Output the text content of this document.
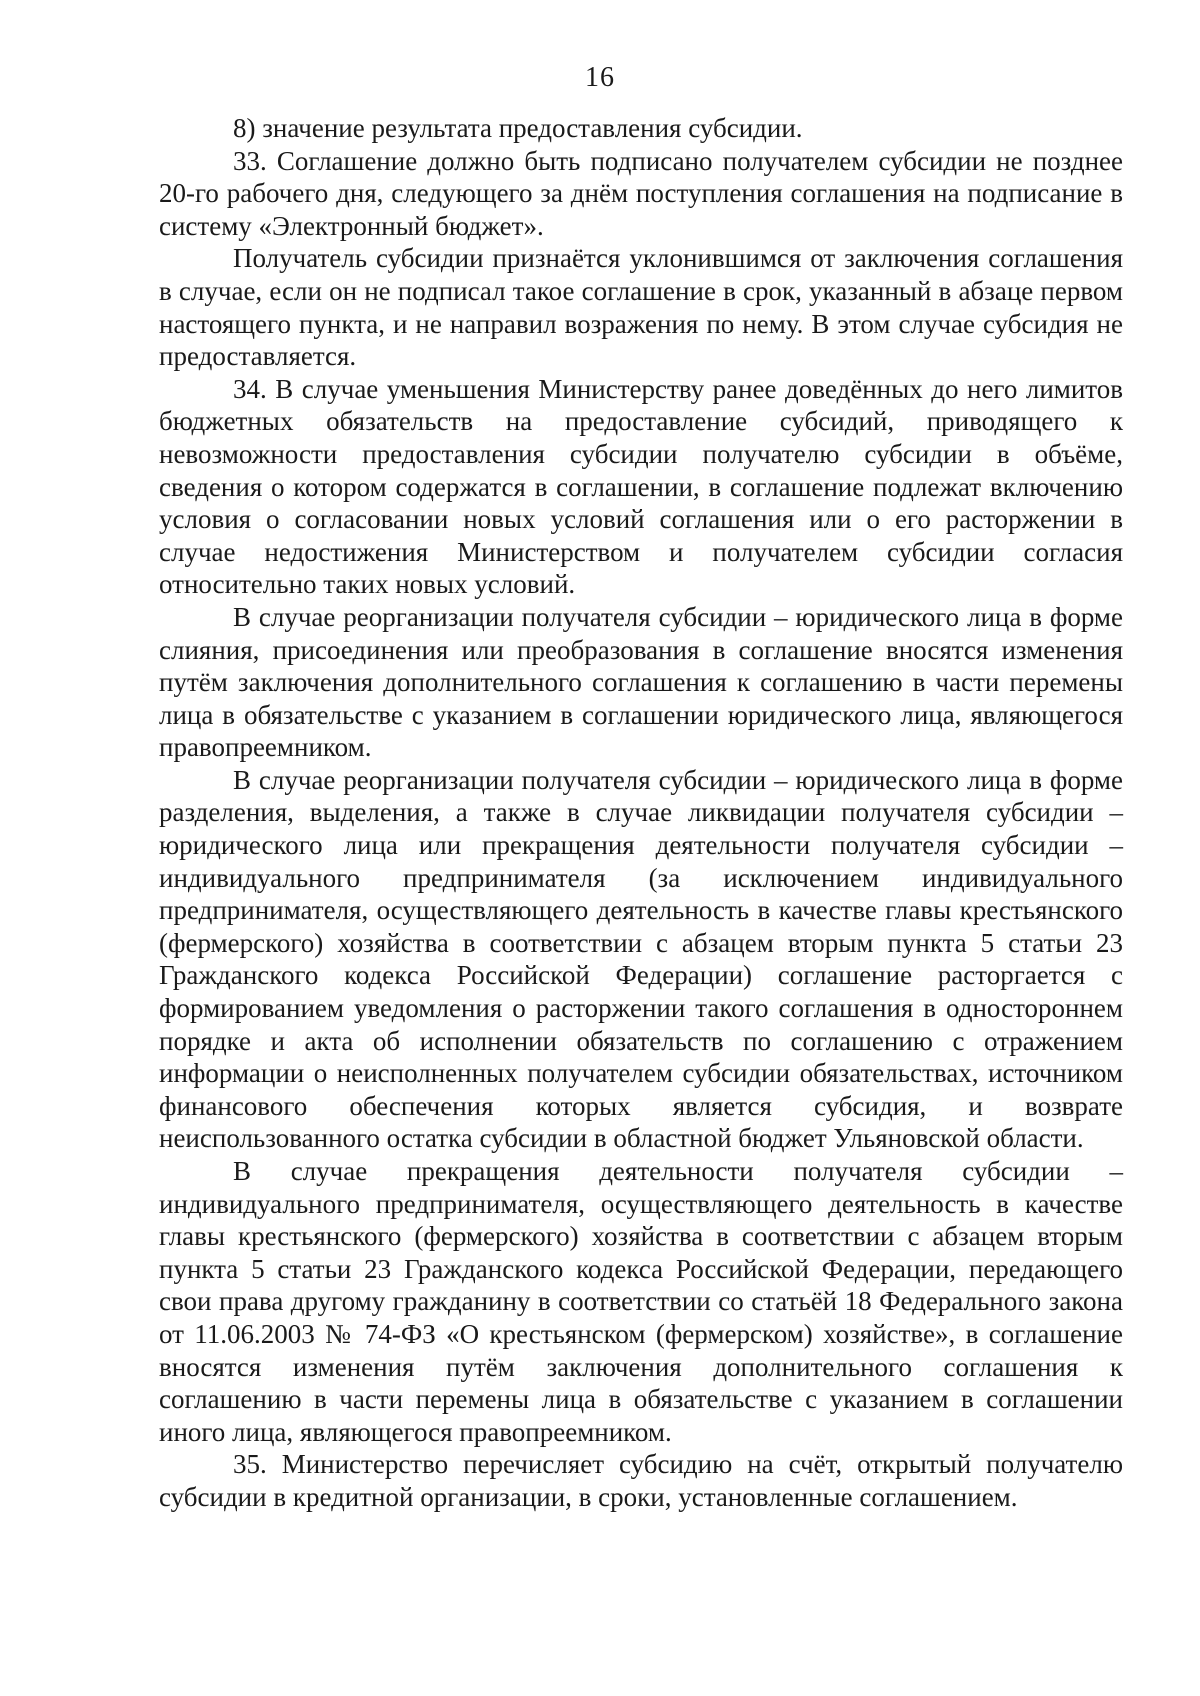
16

8) значение результата предоставления субсидии.

33. Соглашение должно быть подписано получателем субсидии не позднее 20-го рабочего дня, следующего за днём поступления соглашения на подписание в систему «Электронный бюджет».

Получатель субсидии признаётся уклонившимся от заключения соглашения в случае, если он не подписал такое соглашение в срок, указанный в абзаце первом настоящего пункта, и не направил возражения по нему. В этом случае субсидия не предоставляется.

34. В случае уменьшения Министерству ранее доведённых до него лимитов бюджетных обязательств на предоставление субсидий, приводящего к невозможности предоставления субсидии получателю субсидии в объёме, сведения о котором содержатся в соглашении, в соглашение подлежат включению условия о согласовании новых условий соглашения или о его расторжении в случае недостижения Министерством и получателем субсидии согласия относительно таких новых условий.

В случае реорганизации получателя субсидии – юридического лица в форме слияния, присоединения или преобразования в соглашение вносятся изменения путём заключения дополнительного соглашения к соглашению в части перемены лица в обязательстве с указанием в соглашении юридического лица, являющегося правопреемником.

В случае реорганизации получателя субсидии – юридического лица в форме разделения, выделения, а также в случае ликвидации получателя субсидии – юридического лица или прекращения деятельности получателя субсидии – индивидуального предпринимателя (за исключением индивидуального предпринимателя, осуществляющего деятельность в качестве главы крестьянского (фермерского) хозяйства в соответствии с абзацем вторым пункта 5 статьи 23 Гражданского кодекса Российской Федерации) соглашение расторгается с формированием уведомления о расторжении такого соглашения в одностороннем порядке и акта об исполнении обязательств по соглашению с отражением информации о неисполненных получателем субсидии обязательствах, источником финансового обеспечения которых является субсидия, и возврате неиспользованного остатка субсидии в областной бюджет Ульяновской области.

В случае прекращения деятельности получателя субсидии – индивидуального предпринимателя, осуществляющего деятельность в качестве главы крестьянского (фермерского) хозяйства в соответствии с абзацем вторым пункта 5 статьи 23 Гражданского кодекса Российской Федерации, передающего свои права другому гражданину в соответствии со статьёй 18 Федерального закона от 11.06.2003 № 74-ФЗ «О крестьянском (фермерском) хозяйстве», в соглашение вносятся изменения путём заключения дополнительного соглашения к соглашению в части перемены лица в обязательстве с указанием в соглашении иного лица, являющегося правопреемником.

35. Министерство перечисляет субсидию на счёт, открытый получателю субсидии в кредитной организации, в сроки, установленные соглашением.
